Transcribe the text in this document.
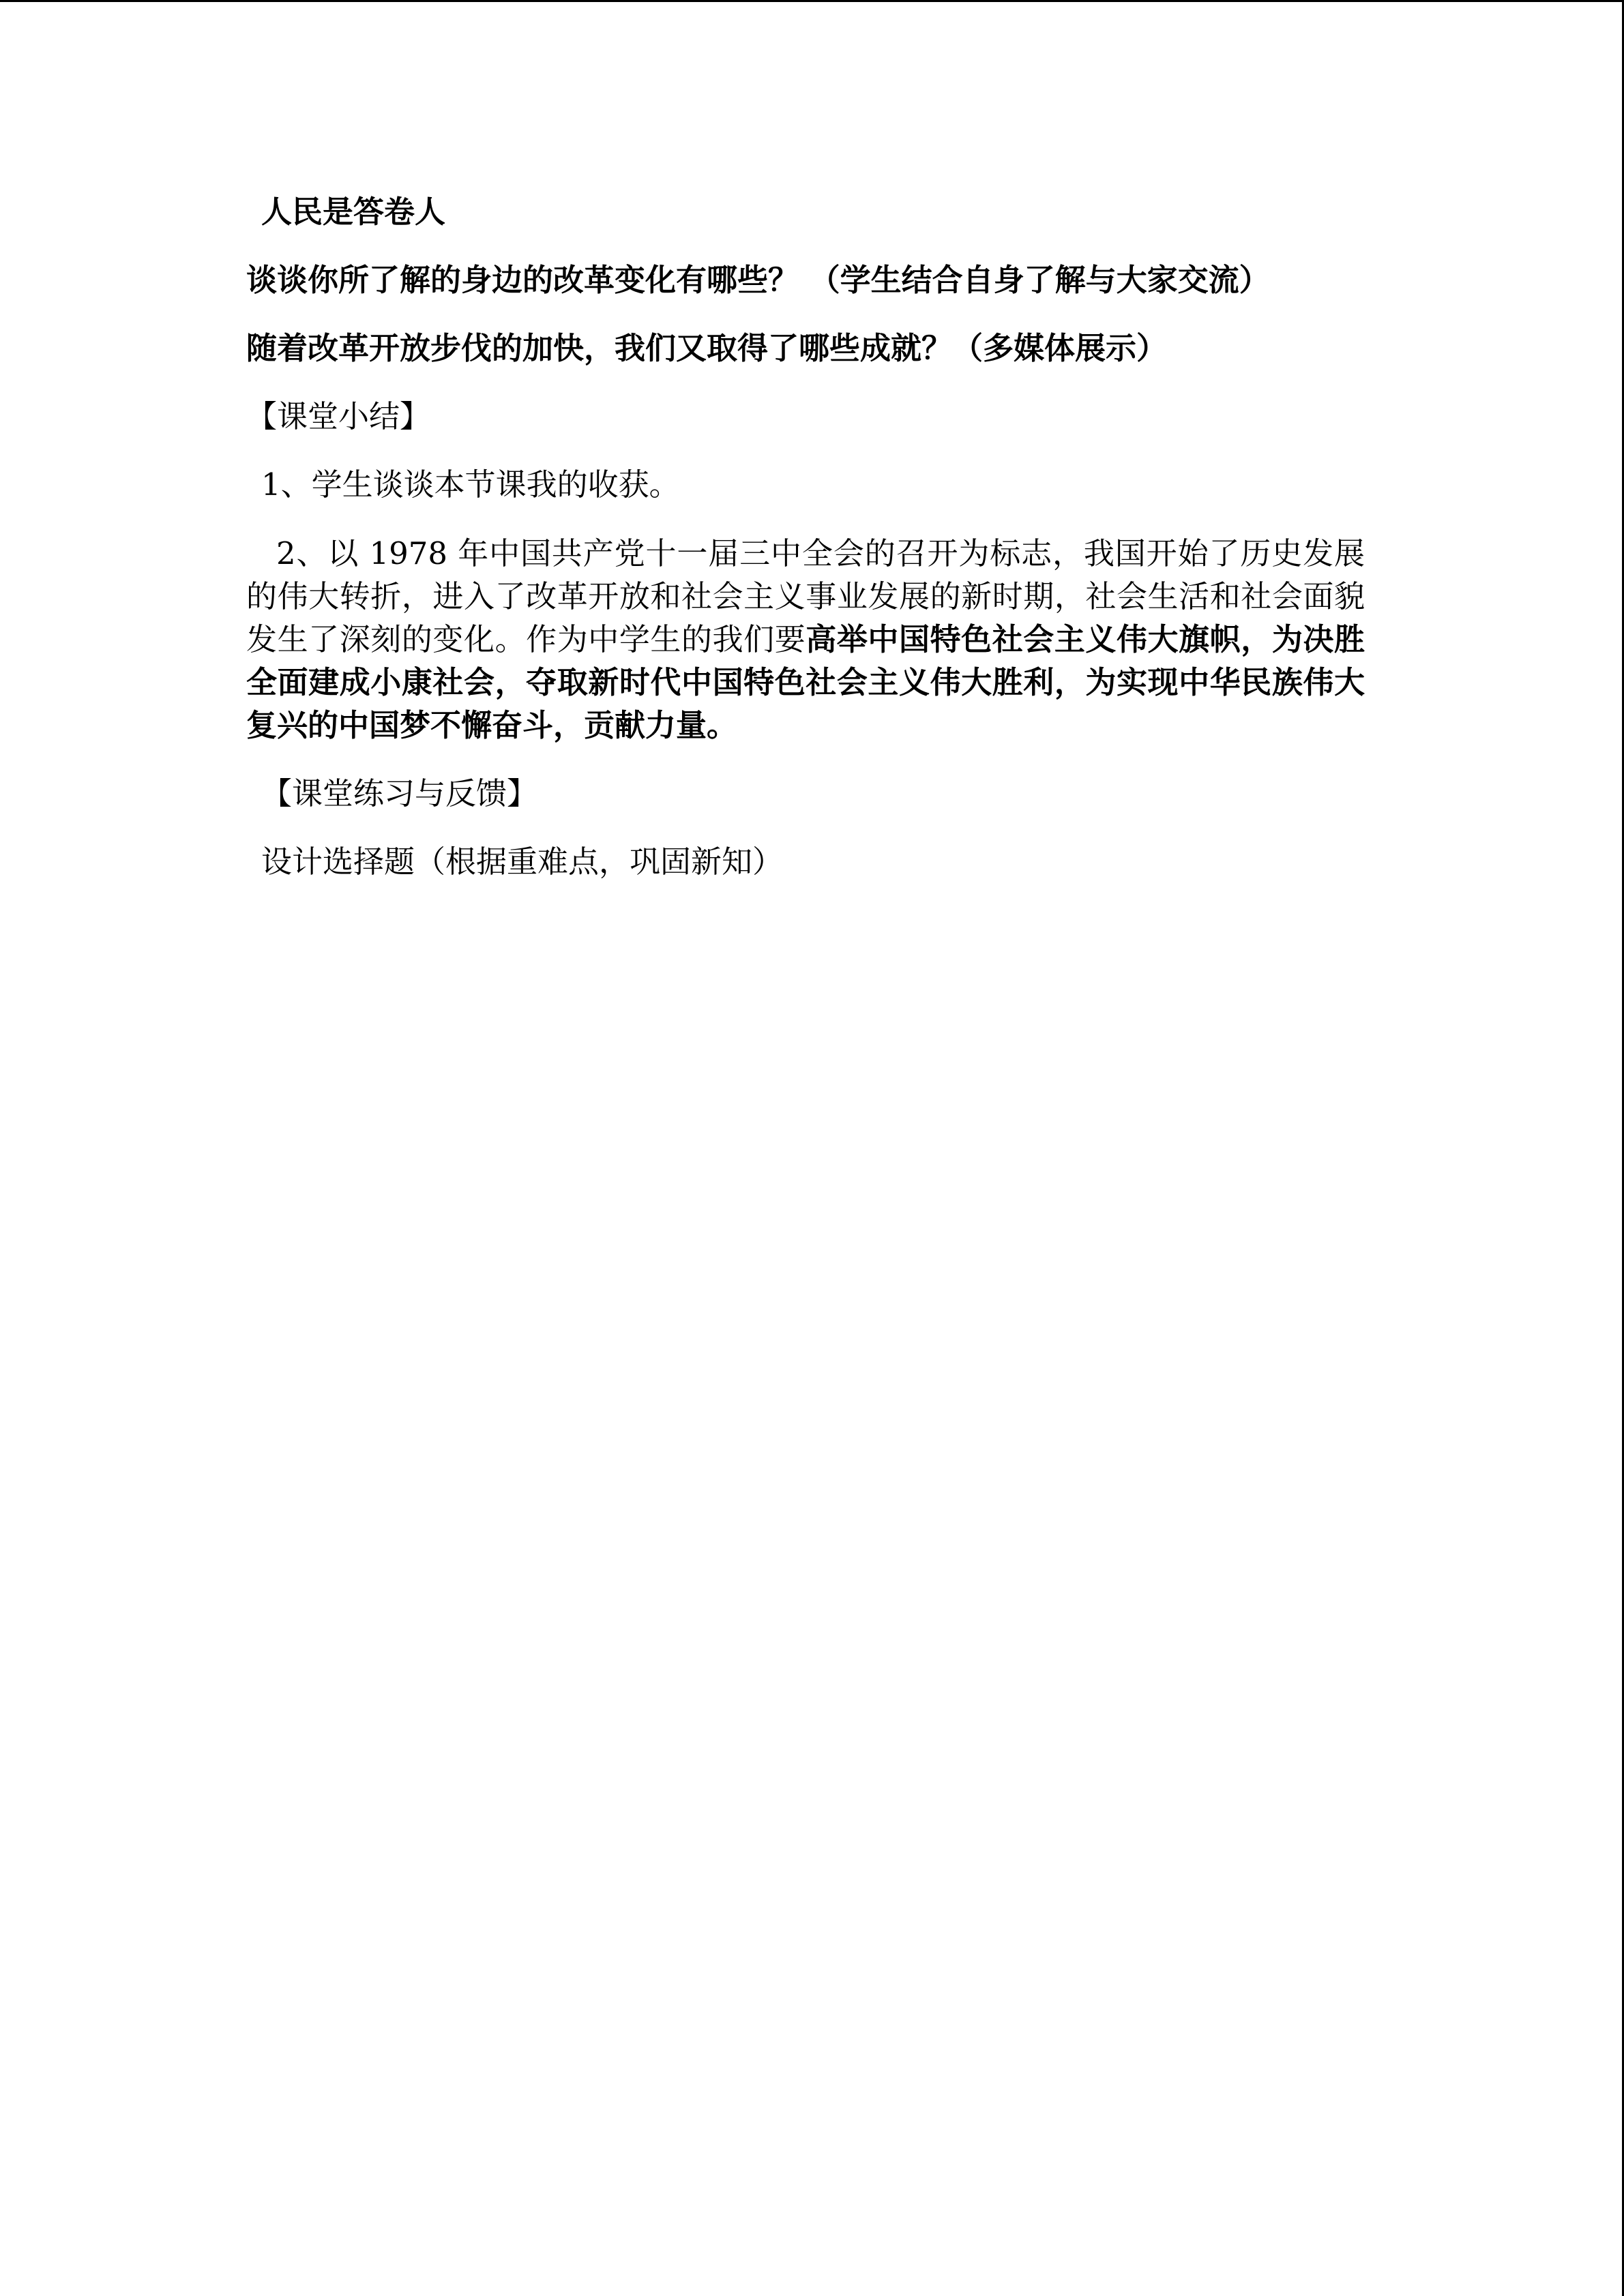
人民是答卷人

谈谈你所了解的身边的改革变化有哪些？ （学生结合自身了解与大家交流）

随着改革开放步伐的加快，我们又取得了哪些成就？（多媒体展示）

【课堂小结】

1、学生谈谈本节课我的收获。

2、以 1978 年中国共产党十一届三中全会的召开为标志，我国开始了历史发展的伟大转折，进入了改革开放和社会主义事业发展的新时期，社会生活和社会面貌发生了深刻的变化。作为中学生的我们要高举中国特色社会主义伟大旗帜，为决胜全面建成小康社会，夺取新时代中国特色社会主义伟大胜利，为实现中华民族伟大复兴的中国梦不懈奋斗，贡献力量。

【课堂练习与反馈】

设计选择题（根据重难点，巩固新知）
